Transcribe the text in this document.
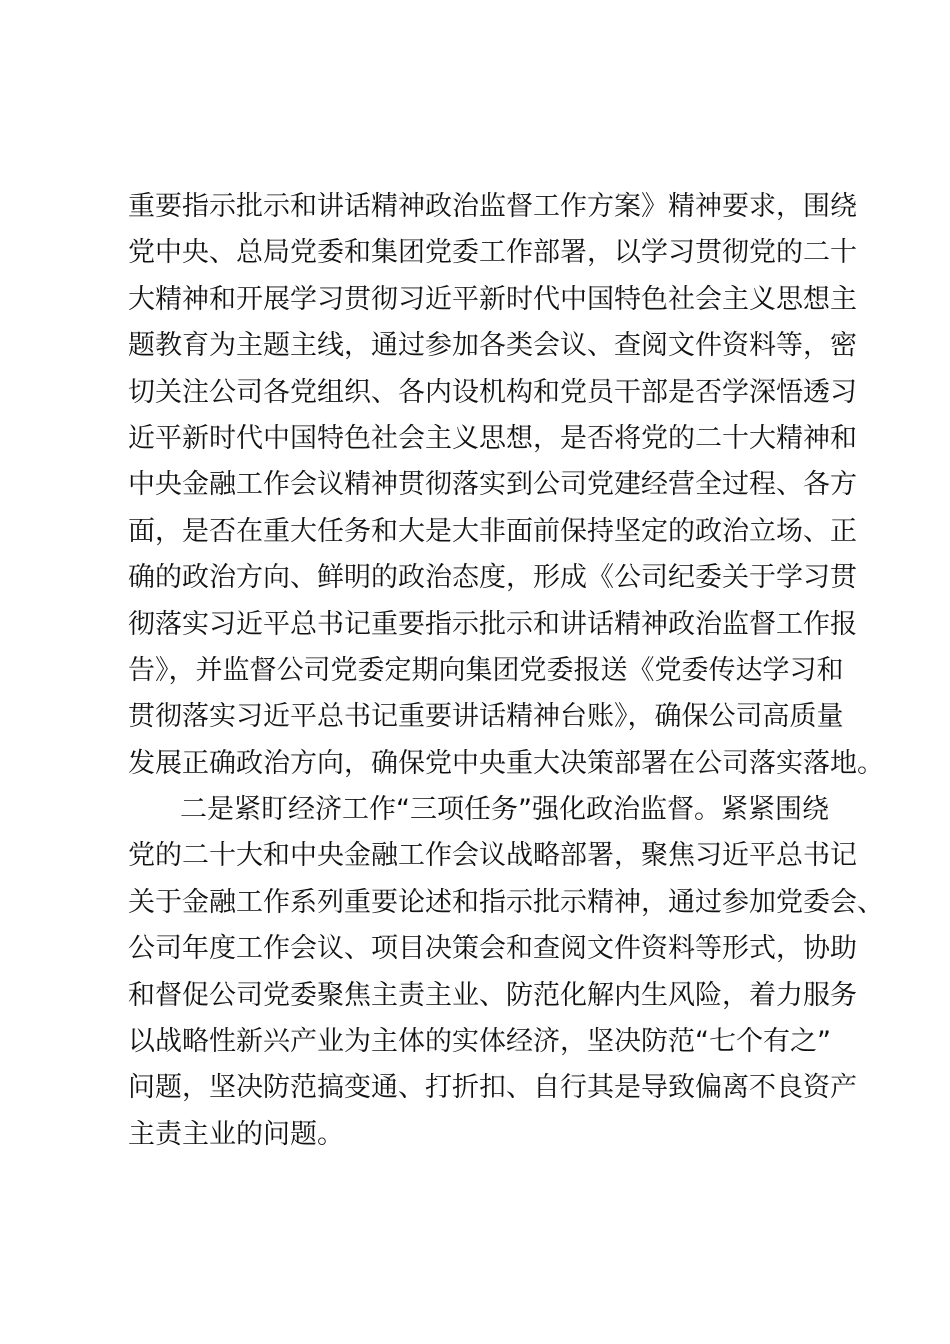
重要指示批示和讲话精神政治监督工作方案》精神要求，围绕
党中央、总局党委和集团党委工作部署，以学习贯彻党的二十
大精神和开展学习贯彻习近平新时代中国特色社会主义思想主
题教育为主题主线，通过参加各类会议、查阅文件资料等，密
切关注公司各党组织、各内设机构和党员干部是否学深悟透习
近平新时代中国特色社会主义思想，是否将党的二十大精神和
中央金融工作会议精神贯彻落实到公司党建经营全过程、各方
面，是否在重大任务和大是大非面前保持坚定的政治立场、正
确的政治方向、鲜明的政治态度，形成《公司纪委关于学习贯
彻落实习近平总书记重要指示批示和讲话精神政治监督工作报
告》，并监督公司党委定期向集团党委报送《党委传达学习和
贯彻落实习近平总书记重要讲话精神台账》，确保公司高质量
发展正确政治方向，确保党中央重大决策部署在公司落实落地。
二是紧盯经济工作“三项任务”强化政治监督。紧紧围绕
党的二十大和中央金融工作会议战略部署，聚焦习近平总书记
关于金融工作系列重要论述和指示批示精神，通过参加党委会、
公司年度工作会议、项目决策会和查阅文件资料等形式，协助
和督促公司党委聚焦主责主业、防范化解内生风险，着力服务
以战略性新兴产业为主体的实体经济，坚决防范“七个有之”
问题，坚决防范搞变通、打折扣、自行其是导致偏离不良资产
主责主业的问题。
